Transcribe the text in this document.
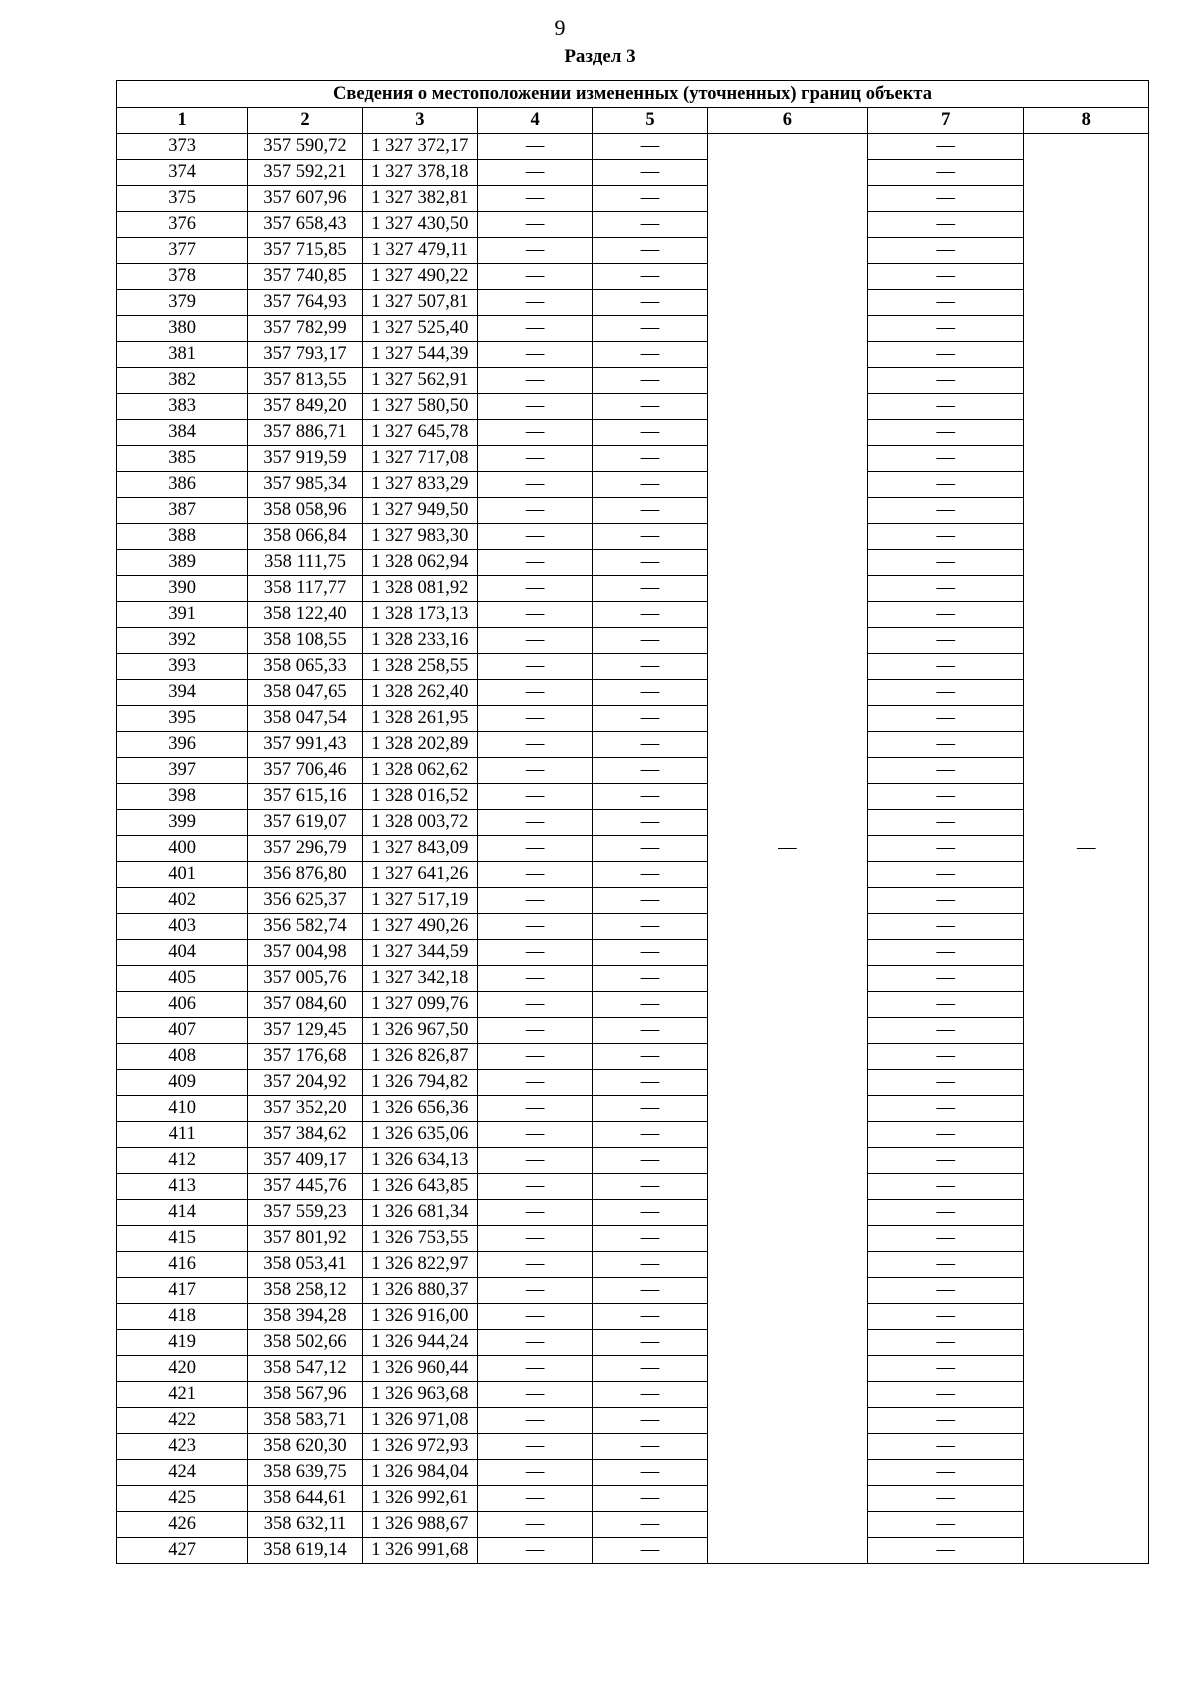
9
Раздел 3
Сведения о местоположении измененных (уточненных) границ объекта							
1	2	3	4	5	6	7	8
373	357 590,72	1 327 372,17	—	—	—	—	—
374	357 592,21	1 327 378,18	—	—		—	
375	357 607,96	1 327 382,81	—	—		—	
376	357 658,43	1 327 430,50	—	—		—	
377	357 715,85	1 327 479,11	—	—		—	
378	357 740,85	1 327 490,22	—	—		—	
379	357 764,93	1 327 507,81	—	—		—	
380	357 782,99	1 327 525,40	—	—		—	
381	357 793,17	1 327 544,39	—	—		—	
382	357 813,55	1 327 562,91	—	—		—	
383	357 849,20	1 327 580,50	—	—		—	
384	357 886,71	1 327 645,78	—	—		—	
385	357 919,59	1 327 717,08	—	—		—	
386	357 985,34	1 327 833,29	—	—		—	
387	358 058,96	1 327 949,50	—	—		—	
388	358 066,84	1 327 983,30	—	—		—	
389	358 111,75	1 328 062,94	—	—		—	
390	358 117,77	1 328 081,92	—	—		—	
391	358 122,40	1 328 173,13	—	—		—	
392	358 108,55	1 328 233,16	—	—		—	
393	358 065,33	1 328 258,55	—	—		—	
394	358 047,65	1 328 262,40	—	—		—	
395	358 047,54	1 328 261,95	—	—		—	
396	357 991,43	1 328 202,89	—	—		—	
397	357 706,46	1 328 062,62	—	—		—	
398	357 615,16	1 328 016,52	—	—		—	
399	357 619,07	1 328 003,72	—	—		—	
400	357 296,79	1 327 843,09	—	—		—	
401	356 876,80	1 327 641,26	—	—		—	
402	356 625,37	1 327 517,19	—	—		—	
403	356 582,74	1 327 490,26	—	—		—	
404	357 004,98	1 327 344,59	—	—		—	
405	357 005,76	1 327 342,18	—	—		—	
406	357 084,60	1 327 099,76	—	—		—	
407	357 129,45	1 326 967,50	—	—		—	
408	357 176,68	1 326 826,87	—	—		—	
409	357 204,92	1 326 794,82	—	—		—	
410	357 352,20	1 326 656,36	—	—		—	
411	357 384,62	1 326 635,06	—	—		—	
412	357 409,17	1 326 634,13	—	—		—	
413	357 445,76	1 326 643,85	—	—		—	
414	357 559,23	1 326 681,34	—	—		—	
415	357 801,92	1 326 753,55	—	—		—	
416	358 053,41	1 326 822,97	—	—		—	
417	358 258,12	1 326 880,37	—	—		—	
418	358 394,28	1 326 916,00	—	—		—	
419	358 502,66	1 326 944,24	—	—		—	
420	358 547,12	1 326 960,44	—	—		—	
421	358 567,96	1 326 963,68	—	—		—	
422	358 583,71	1 326 971,08	—	—		—	
423	358 620,30	1 326 972,93	—	—		—	
424	358 639,75	1 326 984,04	—	—		—	
425	358 644,61	1 326 992,61	—	—		—	
426	358 632,11	1 326 988,67	—	—		—	
427	358 619,14	1 326 991,68	—	—		—	
